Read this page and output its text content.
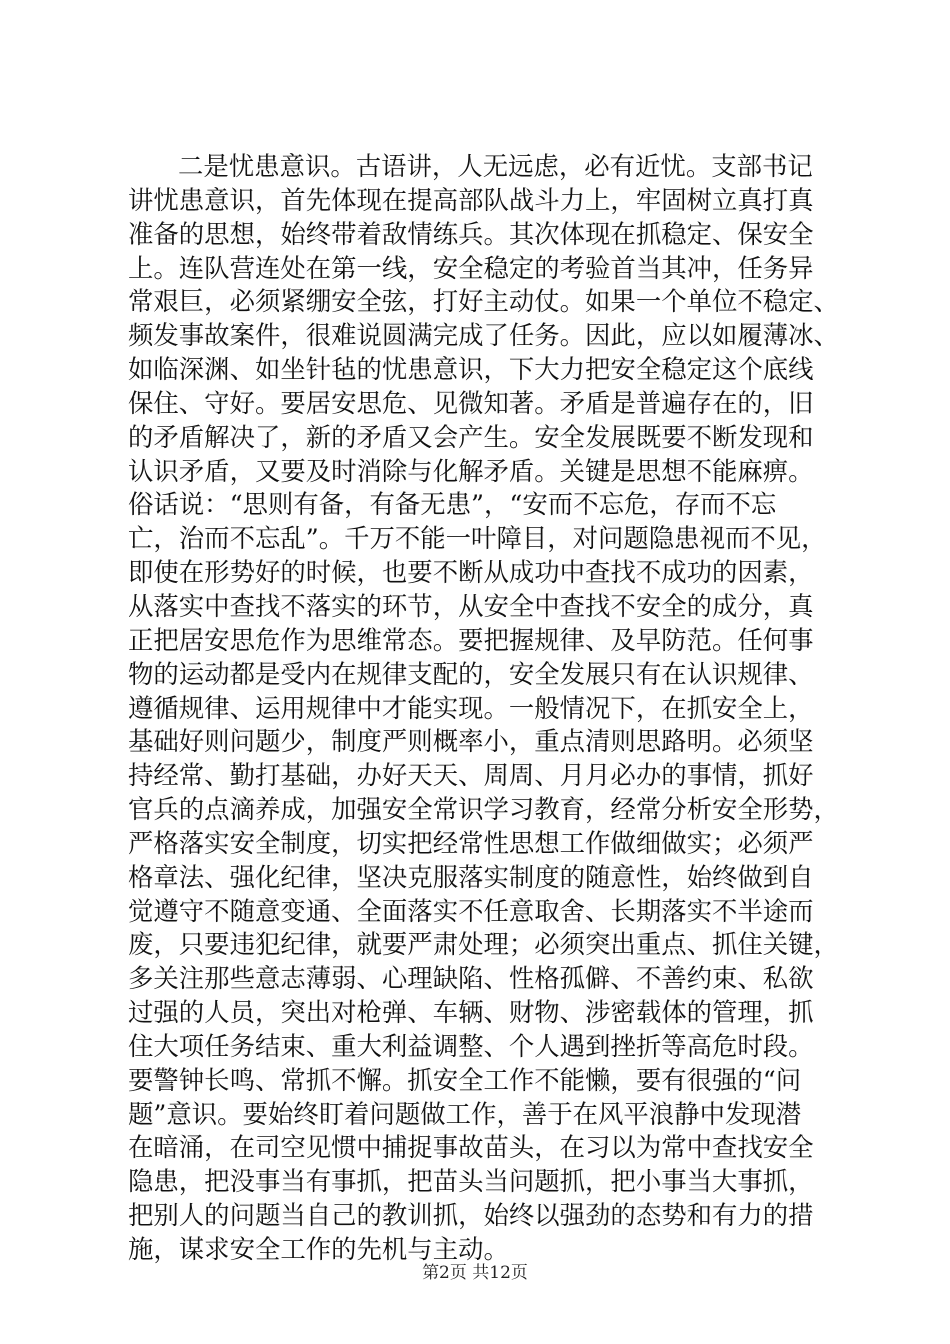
二是忧患意识。古语讲，人无远虑，必有近忧。支部书记
讲忧患意识，首先体现在提高部队战斗力上，牢固树立真打真
准备的思想，始终带着敌情练兵。其次体现在抓稳定、保安全
上。连队营连处在第一线，安全稳定的考验首当其冲，任务异
常艰巨，必须紧绷安全弦，打好主动仗。如果一个单位不稳定、
频发事故案件，很难说圆满完成了任务。因此，应以如履薄冰、
如临深渊、如坐针毡的忧患意识，下大力把安全稳定这个底线
保住、守好。要居安思危、见微知著。矛盾是普遍存在的，旧
的矛盾解决了，新的矛盾又会产生。安全发展既要不断发现和
认识矛盾，又要及时消除与化解矛盾。关键是思想不能麻痹。
俗话说：“思则有备，有备无患”，“安而不忘危，存而不忘
亡，治而不忘乱”。千万不能一叶障目，对问题隐患视而不见，
即使在形势好的时候，也要不断从成功中查找不成功的因素，
从落实中查找不落实的环节，从安全中查找不安全的成分，真
正把居安思危作为思维常态。要把握规律、及早防范。任何事
物的运动都是受内在规律支配的，安全发展只有在认识规律、
遵循规律、运用规律中才能实现。一般情况下，在抓安全上，
基础好则问题少，制度严则概率小，重点清则思路明。必须坚
持经常、勤打基础，办好天天、周周、月月必办的事情，抓好
官兵的点滴养成，加强安全常识学习教育，经常分析安全形势，
严格落实安全制度，切实把经常性思想工作做细做实；必须严
格章法、强化纪律，坚决克服落实制度的随意性，始终做到自
觉遵守不随意变通、全面落实不任意取舍、长期落实不半途而
废，只要违犯纪律，就要严肃处理；必须突出重点、抓住关键，
多关注那些意志薄弱、心理缺陷、性格孤僻、不善约束、私欲
过强的人员，突出对枪弹、车辆、财物、涉密载体的管理，抓
住大项任务结束、重大利益调整、个人遇到挫折等高危时段。
要警钟长鸣、常抓不懈。抓安全工作不能懒，要有很强的“问
题”意识。要始终盯着问题做工作，善于在风平浪静中发现潜
在暗涌，在司空见惯中捕捉事故苗头，在习以为常中查找安全
隐患，把没事当有事抓，把苗头当问题抓，把小事当大事抓，
把别人的问题当自己的教训抓，始终以强劲的态势和有力的措
施，谋求安全工作的先机与主动。
第2页 共12页
